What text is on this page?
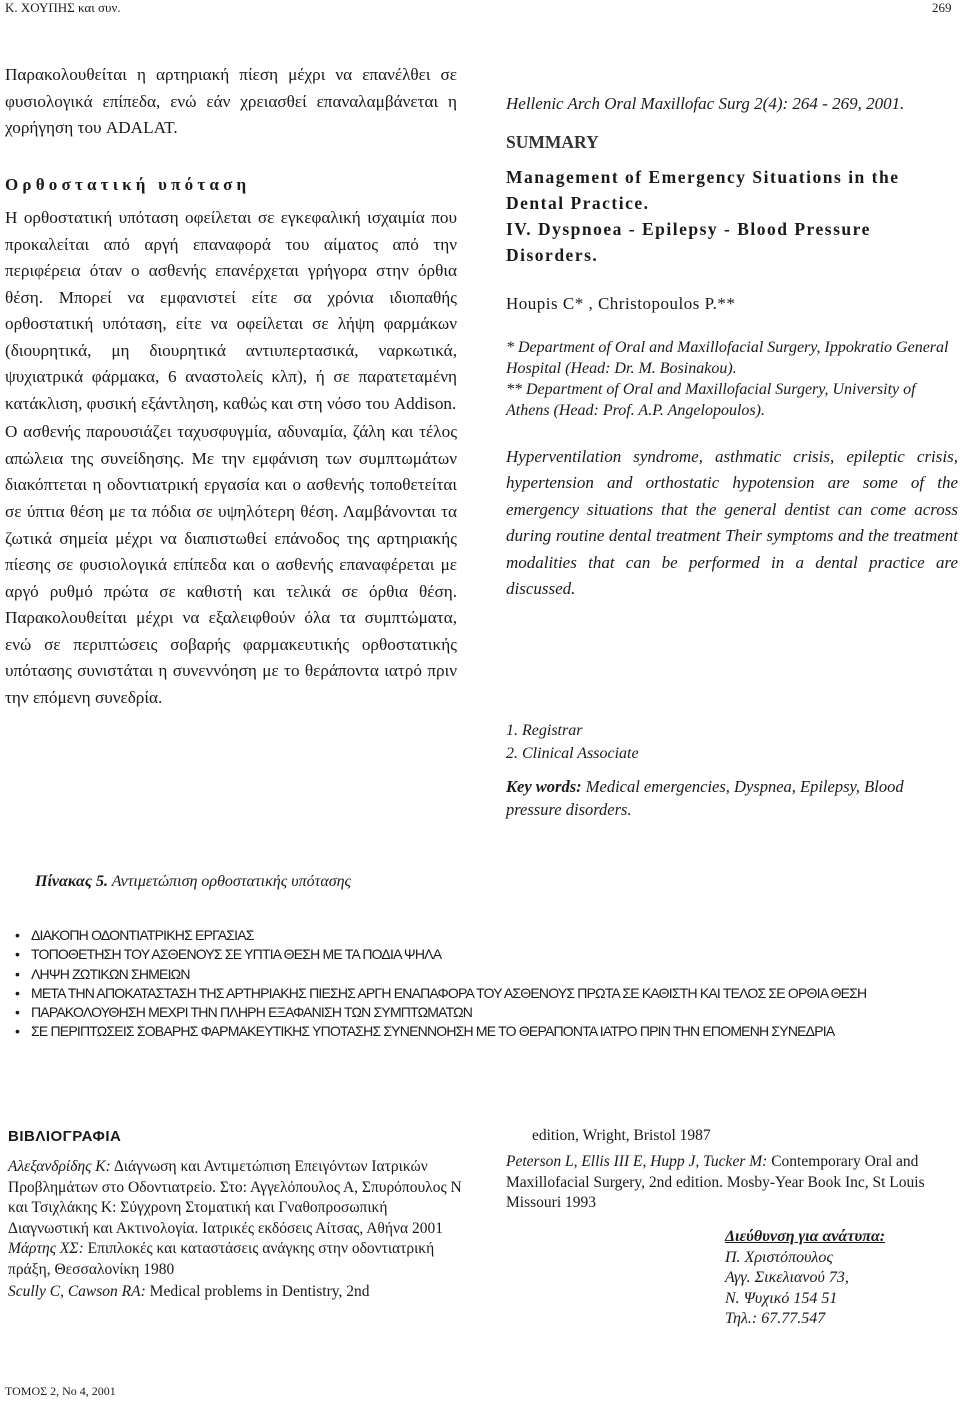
Κ. ΧΟΥΠΗΣ και συν.	269

Παρακολουθείται η αρτηριακή πίεση μέχρι να επανέλθει σε φυσιολογικά επίπεδα, ενώ εάν χρειασθεί επαναλαμβάνεται η χορήγηση του ADALAT.

Ορθοστατική υπόταση

Η ορθοστατική υπόταση οφείλεται σε εγκεφαλική ισχαιμία που προκαλείται από αργή επαναφορά του αίματος από την περιφέρεια όταν ο ασθενής επανέρχεται γρήγορα στην όρθια θέση. Μπορεί να εμφανιστεί είτε σα χρόνια ιδιοπαθής ορθοστατική υπόταση, είτε να οφείλεται σε λήψη φαρμάκων (διουρητικά, μη διουρητικά αντιυπερτασικά, ναρκωτικά, ψυχιατρικά φάρμακα, 6 αναστολείς κλπ), ή σε παρατεταμένη κατάκλιση, φυσική εξάντληση, καθώς και στη νόσο του Addison.

Ο ασθενής παρουσιάζει ταχυσφυγμία, αδυναμία, ζάλη και τέλος απώλεια της συνείδησης. Με την εμφάνιση των συμπτωμάτων διακόπτεται η οδοντιατρική εργασία και ο ασθενής τοποθετείται σε ύπτια θέση με τα πόδια σε υψηλότερη θέση. Λαμβάνονται τα ζωτικά σημεία μέχρι να διαπιστωθεί επάνοδος της αρτηριακής πίεσης σε φυσιολογικά επίπεδα και ο ασθενής επαναφέρεται με αργό ρυθμό πρώτα σε καθιστή και τελικά σε όρθια θέση. Παρακολουθείται μέχρι να εξαλειφθούν όλα τα συμπτώματα, ενώ σε περιπτώσεις σοβαρής φαρμακευτικής ορθοστατικής υπότασης συνιστάται η συνεννόηση με το θεράποντα ιατρό πριν την επόμενη συνεδρία.

Hellenic Arch Oral Maxillofac Surg 2(4): 264 - 269, 2001.
SUMMARY
Management of Emergency Situations in the Dental Practice.
IV. Dyspnoea - Epilepsy - Blood Pressure Disorders.
Houpis C* , Christopoulos P.**
* Department of Oral and Maxillofacial Surgery, Ippokratio General Hospital (Head: Dr. M. Bosinakou).
** Department of Oral and Maxillofacial Surgery, University of Athens (Head: Prof. A.P. Angelopoulos).
Hyperventilation syndrome, asthmatic crisis, epileptic crisis, hypertension and orthostatic hypotension are some of the emergency situations that the general dentist can come across during routine dental treatment Their symptoms and the treatment modalities that can be performed in a dental practice are discussed.
1. Registrar
2. Clinical Associate
Key words: Medical emergencies, Dyspnea, Epilepsy, Blood pressure disorders.
Πίνακας 5. Αντιμετώπιση ορθοστατικής υπότασης
• ΔΙΑΚΟΠΗ ΟΔΟΝΤΙΑΤΡΙΚΗΣ ΕΡΓΑΣΙΑΣ
• ΤΟΠΟΘΕΤΗΣΗ ΤΟΥ ΑΣΘΕΝΟΥΣ ΣΕ ΥΠΤΙΑ ΘΕΣΗ ΜΕ ΤΑ ΠΟΔΙΑ ΨΗΛΑ
• ΛΗΨΗ ΖΩΤΙΚΩΝ ΣΗΜΕΙΩΝ
• ΜΕΤΑ ΤΗΝ ΑΠΟΚΑΤΑΣΤΑΣΗ ΤΗΣ ΑΡΤΗΡΙΑΚΗΣ ΠΙΕΣΗΣ ΑΡΓΗ ΕΝΑΠΑΦΟΡΑ ΤΟΥ ΑΣΘΕΝΟΥΣ ΠΡΩΤΑ ΣΕ ΚΑΘΙΣΤΗ ΚΑΙ ΤΕΛΟΣ ΣΕ ΟΡΘΙΑ ΘΕΣΗ
• ΠΑΡΑΚΟΛΟΥΘΗΣΗ ΜΕΧΡΙ ΤΗΝ ΠΛΗΡΗ ΕΞΑΦΑΝΙΣΗ ΤΩΝ ΣΥΜΠΤΩΜΑΤΩΝ
• ΣΕ ΠΕΡΙΠΤΩΣΕΙΣ ΣΟΒΑΡΗΣ ΦΑΡΜΑΚΕΥΤΙΚΗΣ ΥΠΟΤΑΣΗΣ ΣΥΝΕΝΝΟΗΣΗ ΜΕ ΤΟ ΘΕΡΑΠΟΝΤΑ ΙΑΤΡΟ ΠΡΙΝ ΤΗΝ ΕΠΟΜΕΝΗ ΣΥΝΕΔΡΙΑ
ΒΙΒΛΙΟΓΡΑΦΙΑ
Αλεξανδρίδης Κ: Διάγνωση και Αντιμετώπιση Επειγόντων Ιατρικών Προβλημάτων στο Οδοντιατρείο. Στο: Αγγελόπουλος Α, Σπυρόπουλος Ν και Τσιχλάκης Κ: Σύγχρονη Στοματική και Γναθοπροσωπική Διαγνωστική και Ακτινολογία. Ιατρικές εκδόσεις Αίτσας, Αθήνα 2001
Μάρτης ΧΣ: Επιπλοκές και καταστάσεις ανάγκης στην οδοντιατρική πράξη, Θεσσαλονίκη 1980
Scully C, Cawson RA: Medical problems in Dentistry, 2nd
edition, Wright, Bristol 1987
Peterson L, Ellis III E, Hupp J, Tucker M: Contemporary Oral and Maxillofacial Surgery, 2nd edition. Mosby-Year Book Inc, St Louis Missouri 1993
Διεύθυνση για ανάτυπα:
Π. Χριστόπουλος
Αγγ. Σικελιανού 73,
Ν. Ψυχικό 154 51
Τηλ.: 67.77.547
ΤΟΜΟΣ 2, Νο 4, 2001
